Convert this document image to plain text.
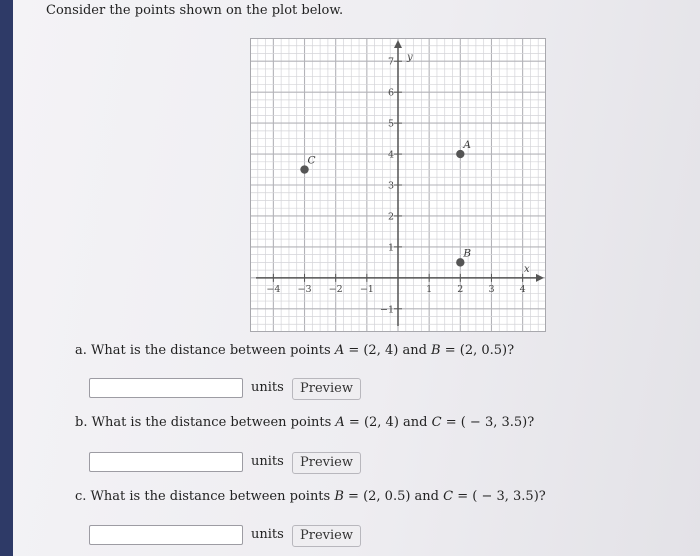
Consider the points shown on the plot below.
x
y
−4 −3 −2 −1	1	2	3	4
−1
1
2
3
4
5
6
7
A
B
C
a. What is the distance between points A = (2, 4) and B = (2, 0.5)?
units	Preview
b. What is the distance between points A = (2, 4) and C = ( − 3, 3.5)?
units	Preview
c. What is the distance between points B = (2, 0.5) and C = ( − 3, 3.5)?
units	Preview
